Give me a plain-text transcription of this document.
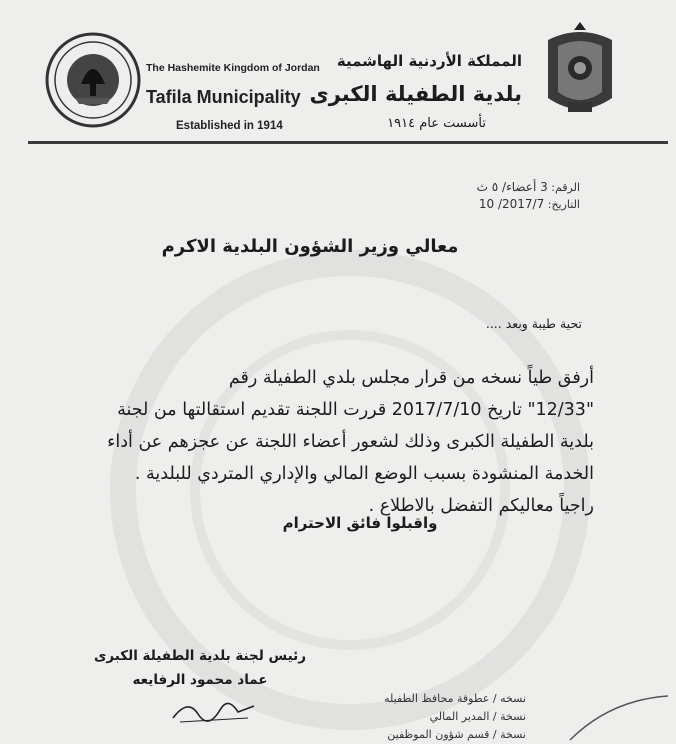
The Hashemite Kingdom of Jordan
Tafila Municipality
Established in 1914
المملكة الأردنية الهاشمية
بلدية الطفيلة الكبرى
تأسست عام ١٩١٤
الرقم: 3 أعضاء/ ٥ ث
التاريخ: 2017/7/ 10
معالي وزير الشؤون البلدية الاكرم
تحية طيبة وبعد ....
أرفق طياً نسخه من قرار مجلس بلدي الطفيلة رقم
"12/33" تاريخ 2017/7/10 قررت اللجنة تقديم استقالتها من لجنة
بلدية الطفيلة الكبرى وذلك لشعور أعضاء اللجنة عن عجزهم عن أداء
الخدمة المنشودة بسبب الوضع المالي والإداري المتردي للبلدية .
راجياً معاليكم التفضل بالاطلاع .
واقبلوا فائق الاحترام
رئيس لجنة بلدية الطفيلة الكبرى
عماد محمود الرفايعه
نسخه / عطوفة محافظ الطفيله
نسخة / المدير المالي
نسخة / قسم شؤون الموظفين
